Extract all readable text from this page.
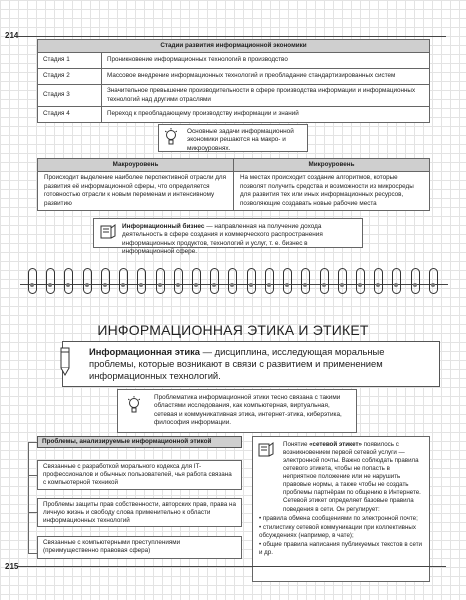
214
Стадии развития информационной экономики	
Стадия 1	Проникновение информационных технологий в производство
Стадия 2	Массовое внедрение информационных технологий и преобладание стандартизированных систем
Стадия 3	Значительное превышение производительности в сфере производства информации и информационных технологий над другими отраслями
Стадия 4	Переход к преобладающему производству информации и знаний
Основные задачи информационной экономики решаются на макро- и микроуровнях.
Макроуровень	Микроуровень
Происходит выделение наиболее перспективной отрасли для развития её информационной сферы, что определяется готовностью отрасли к новым переменам и интенсивному развитию	На местах происходит создание алгоритмов, которые позволят получить средства и возможности из микросреды для развития тех или иных информационных ресурсов, позволяющие создавать новые рабочие места
Информационный бизнес — направленная на получение дохода деятельность в сфере создания и коммерческого распространения информационных продуктов, технологий и услуг, т. е. бизнес в информационной сфере.
ИНФОРМАЦИОННАЯ ЭТИКА И ЭТИКЕТ
Информационная этика — дисциплина, исследующая моральные проблемы, которые возникают в связи с развитием и применением информационных технологий.
Проблематика информационной этики тесно связана с такими областями исследования, как компьютерная, виртуальная, сетевая и коммуникативная этика, интернет-этика, киберэтика, философия информации.
Проблемы, анализируемые информационной этикой
Связанные с разработкой морального кодекса для IT-профессионалов и обычных пользователей, чья работа связана с компьютерной техникой
Проблемы защиты прав собственности, авторских прав, права на личную жизнь и свободу слова применительно к области информационных технологий
Связанные с компьютерными преступлениями (преимущественно правовая сфера)

Понятие «сетевой этикет» появилось с возникновением первой сетевой услуги — электронной почты. Важно соблюдать правила сетевого этикета, чтобы не попасть в неприятное положение или не нарушить правовые нормы, а также чтобы не создать проблемы партнёрам по общению в Интернете. Сетевой этикет определяет базовые правила поведения в сети. Он регулирует:

• правила обмена сообщениями по электронной почте;

• стилистику сетевой коммуникации при коллективных обсуждениях (например, в чате);

• общие правила написания публикуемых текстов в сети и др.

215
